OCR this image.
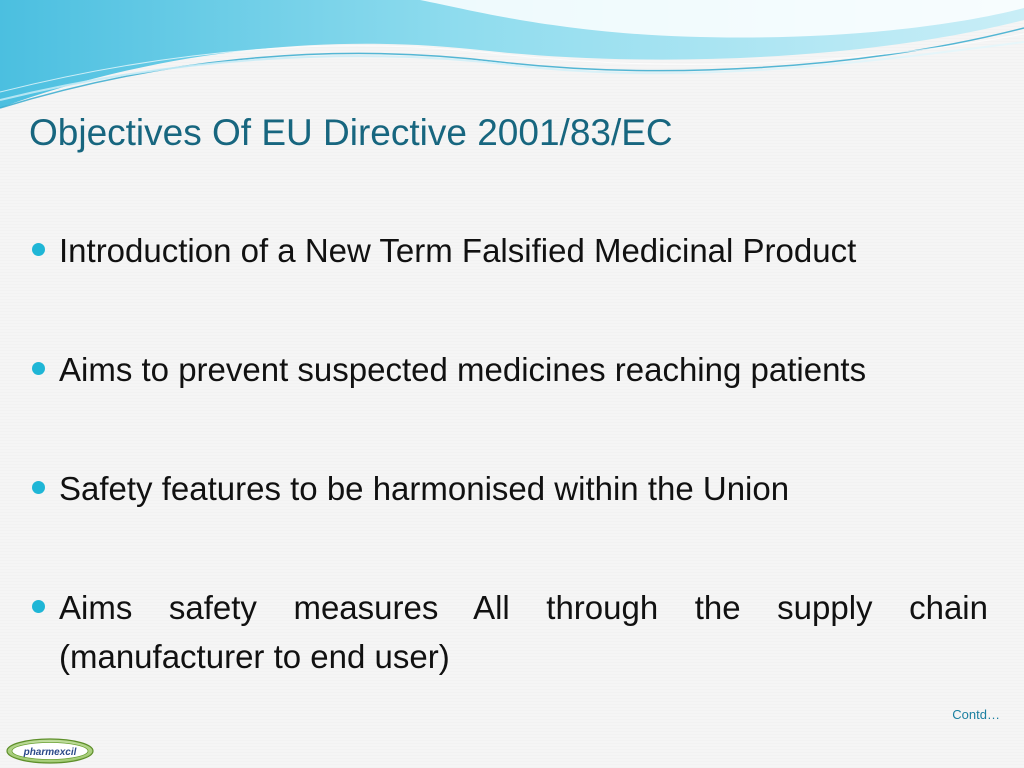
Objectives Of EU Directive 2001/83/EC
Introduction of a New Term Falsified Medicinal Product
Aims to prevent suspected medicines reaching patients
Safety features to be harmonised within the Union
Aims safety measures All through the supply chain (manufacturer to end user)
Contd…
pharmexcil
